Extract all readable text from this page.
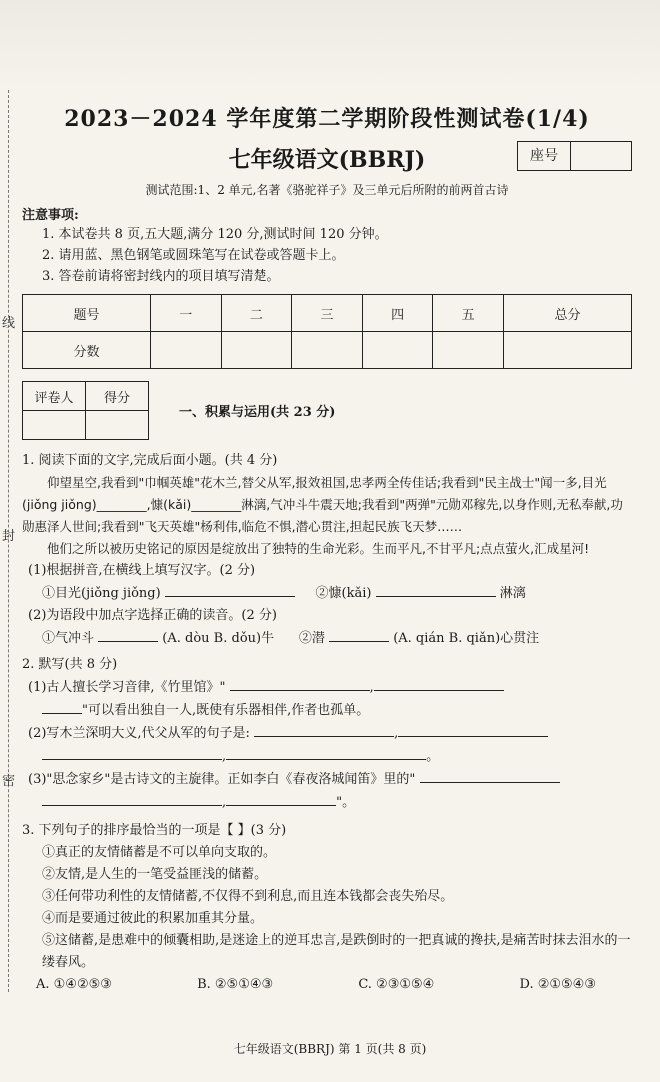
线
封
密
2023－2024 学年度第二学期阶段性测试卷(1/4)
七年级语文(BBRJ)	座号
测试范围:1、2 单元,名著《骆驼祥子》及三单元后所附的前两首古诗
注意事项:
1. 本试卷共 8 页,五大题,满分 120 分,测试时间 120 分钟。
2. 请用蓝、黑色钢笔或圆珠笔写在试卷或答题卡上。
3. 答卷前请将密封线内的项目填写清楚。
题号	一	二	三	四	五	总分
分数						
评卷人	得分

一、积累与运用(共 23 分)
1. 阅读下面的文字,完成后面小题。(共 4 分)
仰望星空,我看到"巾帼英雄"花木兰,替父从军,报效祖国,忠孝两全传佳话;我看到"民主战士"闻一多,目光(jiǒng jiǒng)________,慷(kǎi)________淋漓,气冲斗牛震天地;我看到"两弹"元勋邓稼先,以身作则,无私奉献,功勋惠泽人世间;我看到"飞天英雄"杨利伟,临危不惧,潜心贯注,担起民族飞天梦……
他们之所以被历史铭记的原因是绽放出了独特的生命光彩。生而平凡,不甘平凡;点点萤火,汇成星河!
(1)根据拼音,在横线上填写汉字。(2 分)
①目光(jiǒng jiǒng)	②慷(kǎi)	淋漓
(2)为语段中加点字选择正确的读音。(2 分)
①气冲斗	(A. dòu B. dǒu)牛 ②潜	(A. qián B. qiǎn)心贯注
2. 默写(共 8 分)
(1)古人擅长学习音律,《竹里馆》"	,
"可以看出独自一人,既使有乐器相伴,作者也孤单。
(2)写木兰深明大义,代父从军的句子是:	,
,	。
(3)"思念家乡"是古诗文的主旋律。正如李白《春夜洛城闻笛》里的"
,	"。
3. 下列句子的排序最恰当的一项是【 】(3 分)
①真正的友情储蓄是不可以单向支取的。
②友情,是人生的一笔受益匪浅的储蓄。
③任何带功利性的友情储蓄,不仅得不到利息,而且连本钱都会丧失殆尽。
④而是要通过彼此的积累加重其分量。
⑤这储蓄,是患难中的倾囊相助,是迷途上的逆耳忠言,是跌倒时的一把真诚的搀扶,是痛苦时抹去泪水的一缕春风。
A. ①④②⑤③	B. ②⑤①④③	C. ②③①⑤④	D. ②①⑤④③
七年级语文(BBRJ) 第 1 页(共 8 页)
